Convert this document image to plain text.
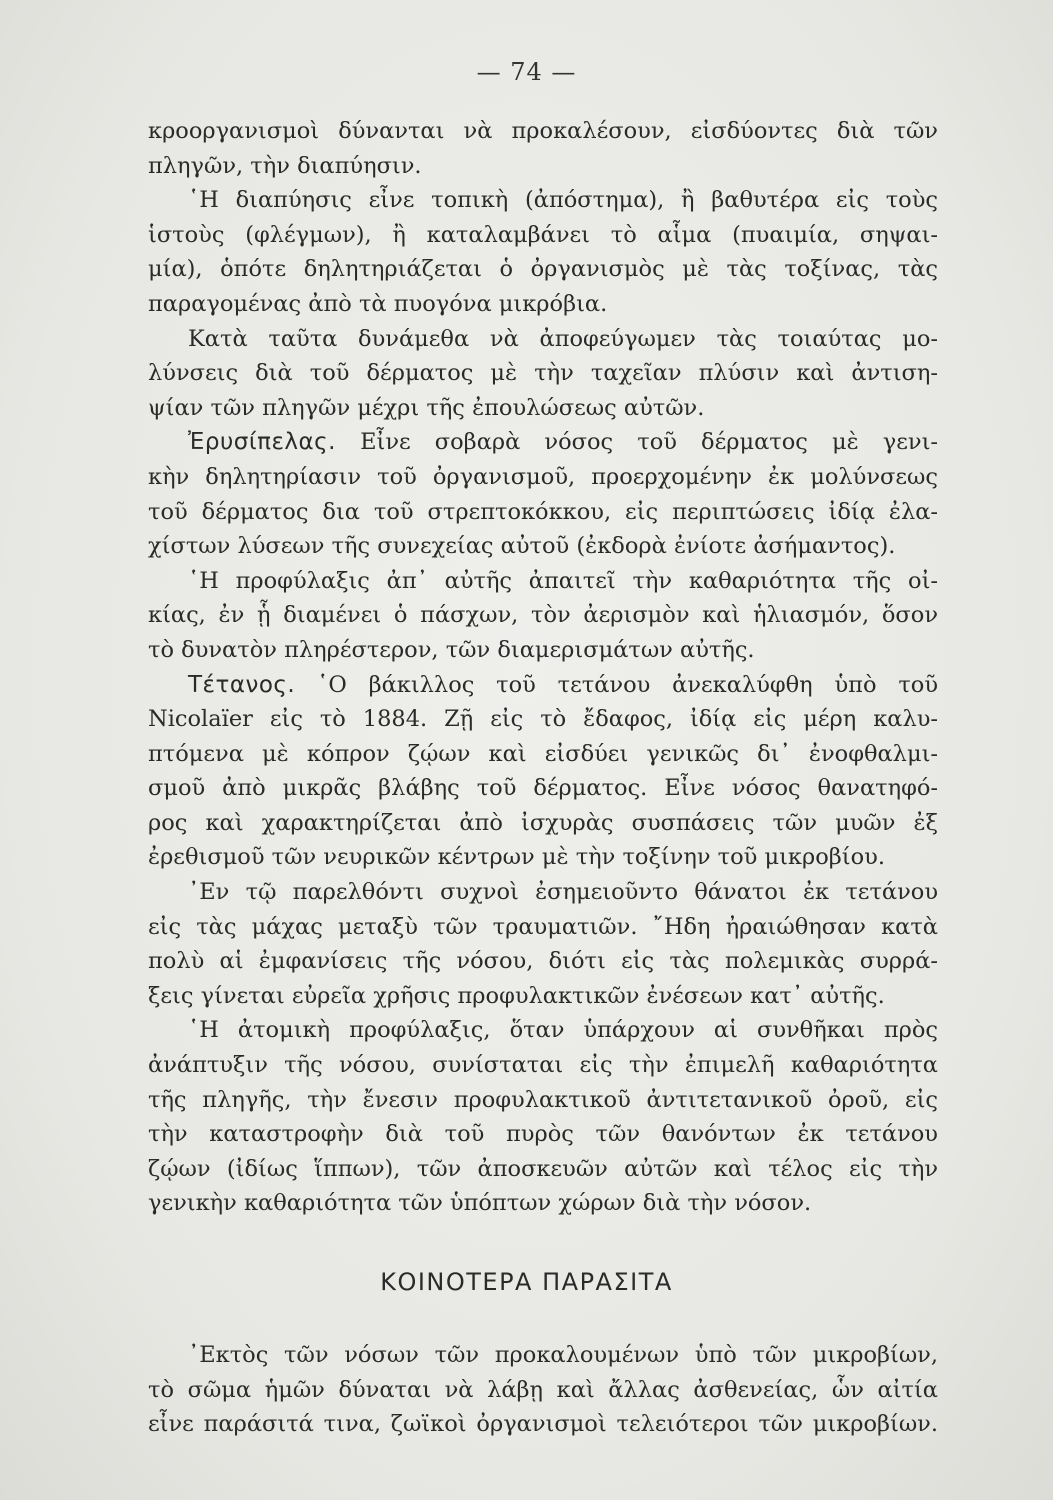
— 74 —

κροοργανισμοὶ δύνανται νὰ προκαλέσουν, εἰσδύοντες διὰ τῶν
πληγῶν, τὴν διαπύησιν.

῾Η διαπύησις εἶνε τοπικὴ (ἀπόστημα), ἢ βαθυτέρα εἰς τοὺς
ἱστοὺς (φλέγμων), ἢ καταλαμβάνει τὸ αἷμα (πυαιμία, σηψαι-
μία), ὁπότε δηλητηριάζεται ὁ ὀργανισμὸς μὲ τὰς τοξίνας, τὰς
παραγομένας ἀπὸ τὰ πυογόνα μικρόβια.

Κατὰ ταῦτα δυνάμεθα νὰ ἀποφεύγωμεν τὰς τοιαύτας μο-
λύνσεις διὰ τοῦ δέρματος μὲ τὴν ταχεῖαν πλύσιν καὶ ἀντιση-
ψίαν τῶν πληγῶν μέχρι τῆς ἐπουλώσεως αὐτῶν.

Ἐρυσίπελας. Εἶνε σοβαρὰ νόσος τοῦ δέρματος μὲ γενι-
κὴν δηλητηρίασιν τοῦ ὀργανισμοῦ, προερχομένην ἐκ μολύνσεως
τοῦ δέρματος δια τοῦ στρεπτοκόκκου, εἰς περιπτώσεις ἰδίᾳ ἐλα-
χίστων λύσεων τῆς συνεχείας αὐτοῦ (ἐκδορὰ ἐνίοτε ἀσήμαντος).

῾Η προφύλαξις ἀπ᾿ αὐτῆς ἀπαιτεῖ τὴν καθαριότητα τῆς οἰ-
κίας, ἐν ᾗ διαμένει ὁ πάσχων, τὸν ἀερισμὸν καὶ ἡλιασμόν, ὅσον
τὸ δυνατὸν πληρέστερον, τῶν διαμερισμάτων αὐτῆς.

Τέτανος. ῾Ο βάκιλλος τοῦ τετάνου ἀνεκαλύφθη ὑπὸ τοῦ
Nicolaïer εἰς τὸ 1884. Ζῇ εἰς τὸ ἔδαφος, ἰδίᾳ εἰς μέρη καλυ-
πτόμενα μὲ κόπρον ζῴων καὶ εἰσδύει γενικῶς δι᾿ ἐνοφθαλμι-
σμοῦ ἀπὸ μικρᾶς βλάβης τοῦ δέρματος. Εἶνε νόσος θανατηφό-
ρος καὶ χαρακτηρίζεται ἀπὸ ἰσχυρὰς συσπάσεις τῶν μυῶν ἐξ
ἐρεθισμοῦ τῶν νευρικῶν κέντρων μὲ τὴν τοξίνην τοῦ μικροβίου.

᾿Εν τῷ παρελθόντι συχνοὶ ἐσημειοῦντο θάνατοι ἐκ τετάνου
εἰς τὰς μάχας μεταξὺ τῶν τραυματιῶν. ῎Ηδη ἠραιώθησαν κατὰ
πολὺ αἱ ἐμφανίσεις τῆς νόσου, διότι εἰς τὰς πολεμικὰς συρρά-
ξεις γίνεται εὐρεῖα χρῆσις προφυλακτικῶν ἐνέσεων κατ᾿ αὐτῆς.

῾Η ἀτομικὴ προφύλαξις, ὅταν ὑπάρχουν αἱ συνθῆκαι πρὸς
ἀνάπτυξιν τῆς νόσου, συνίσταται εἰς τὴν ἐπιμελῆ καθαριότητα
τῆς πληγῆς, τὴν ἔνεσιν προφυλακτικοῦ ἀντιτετανικοῦ ὀροῦ, εἰς
τὴν καταστροφὴν διὰ τοῦ πυρὸς τῶν θανόντων ἐκ τετάνου
ζῴων (ἰδίως ἵππων), τῶν ἀποσκευῶν αὐτῶν καὶ τέλος εἰς τὴν
γενικὴν καθαριότητα τῶν ὑπόπτων χώρων διὰ τὴν νόσον.

ΚΟΙΝΟΤΕΡΑ ΠΑΡΑΣΙΤΑ

᾿Εκτὸς τῶν νόσων τῶν προκαλουμένων ὑπὸ τῶν μικροβίων,
τὸ σῶμα ἡμῶν δύναται νὰ λάβῃ καὶ ἄλλας ἀσθενείας, ὧν αἰτία
εἶνε παράσιτά τινα, ζωϊκοὶ ὀργανισμοὶ τελειότεροι τῶν μικροβίων.
